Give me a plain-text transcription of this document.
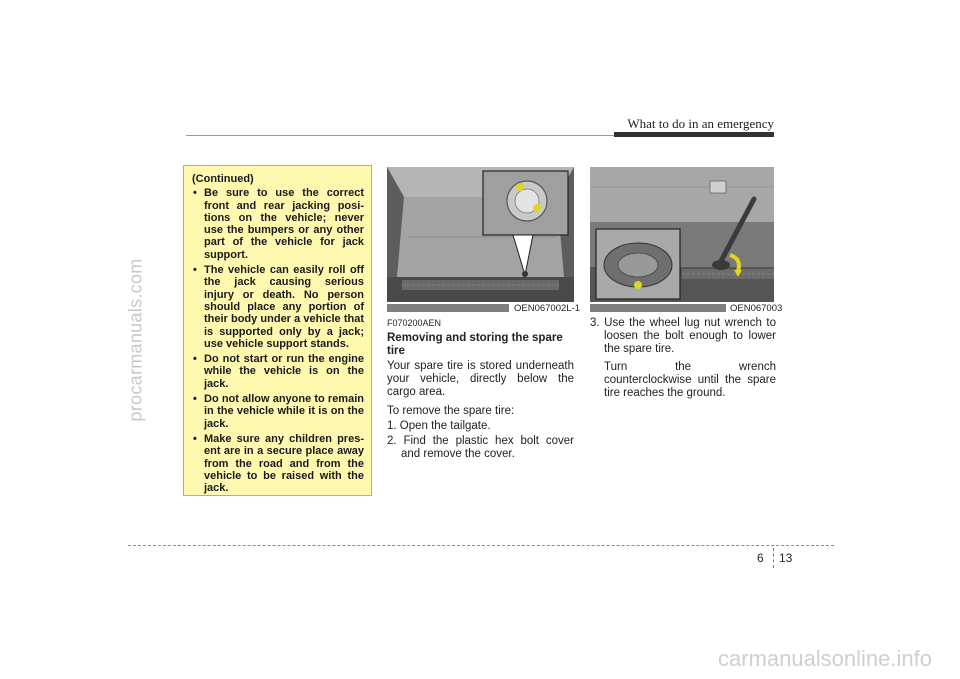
procarmanuals.com
carmanualsonline.info
What to do in an emergency
(Continued)
• Be sure to use the correct front and rear jacking posi-tions on the vehicle; never use the bumpers or any other part of the vehicle for jack support.
• The vehicle can easily roll off the jack causing serious injury or death. No person should place any portion of their body under a vehicle that is supported only by a jack; use vehicle support stands.
• Do not start or run the engine while the vehicle is on the jack.
• Do not allow anyone to remain in the vehicle while it is on the jack.
• Make sure any children pres-ent are in a secure place away from the road and from the vehicle to be raised with the jack.
OEN067002L-1	OEN067003
F070200AEN
Removing and storing the spare tire
Your spare tire is stored underneath your vehicle, directly below the cargo area.
To remove the spare tire:
1. Open the tailgate.
2. Find the plastic hex bolt cover and remove the cover.
3. Use the wheel lug nut wrench to loosen the bolt enough to lower the spare tire.
Turn the wrench counterclockwise until the spare tire reaches the ground.
6 13
